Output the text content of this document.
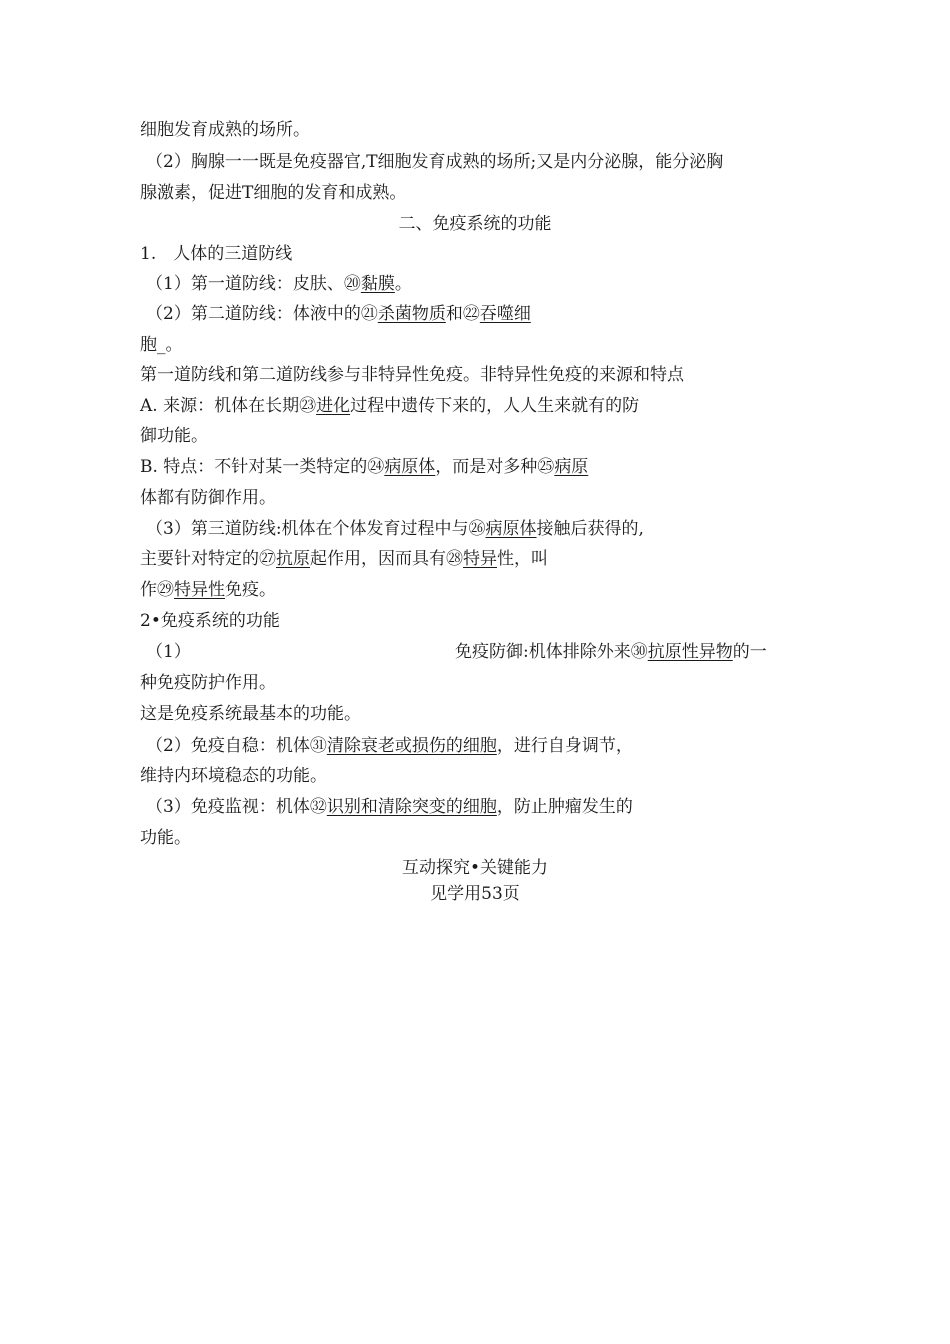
细胞发育成熟的场所。
（2）胸腺一一既是免疫器官,T细胞发育成熟的场所;又是内分泌腺，能分泌胸
腺激素，促进T细胞的发育和成熟。
二、免疫系统的功能
1.　人体的三道防线
（1）第一道防线：皮肤、⑳黏膜。
（2）第二道防线：体液中的㉑杀菌物质和㉒吞噬细
胞_。
第一道防线和第二道防线参与非特异性免疫。非特异性免疫的来源和特点
A. 来源：机体在长期㉓进化过程中遗传下来的，人人生来就有的防
御功能。
B. 特点：不针对某一类特定的㉔病原体，而是对多种㉕病原
体都有防御作用。
（3）第三道防线:机体在个体发育过程中与㉖病原体接触后获得的,
主要针对特定的㉗抗原起作用，因而具有㉘特异性，叫
作㉙特异性免疫。
2•免疫系统的功能
（1）	免疫防御:机体排除外来㉚抗原性异物的一
种免疫防护作用。
这是免疫系统最基本的功能。
（2）免疫自稳：机体㉛清除衰老或损伤的细胞，进行自身调节，
维持内环境稳态的功能。
（3）免疫监视：机体㉜识别和清除突变的细胞，防止肿瘤发生的
功能。
互动探究•关键能力
见学用53页
